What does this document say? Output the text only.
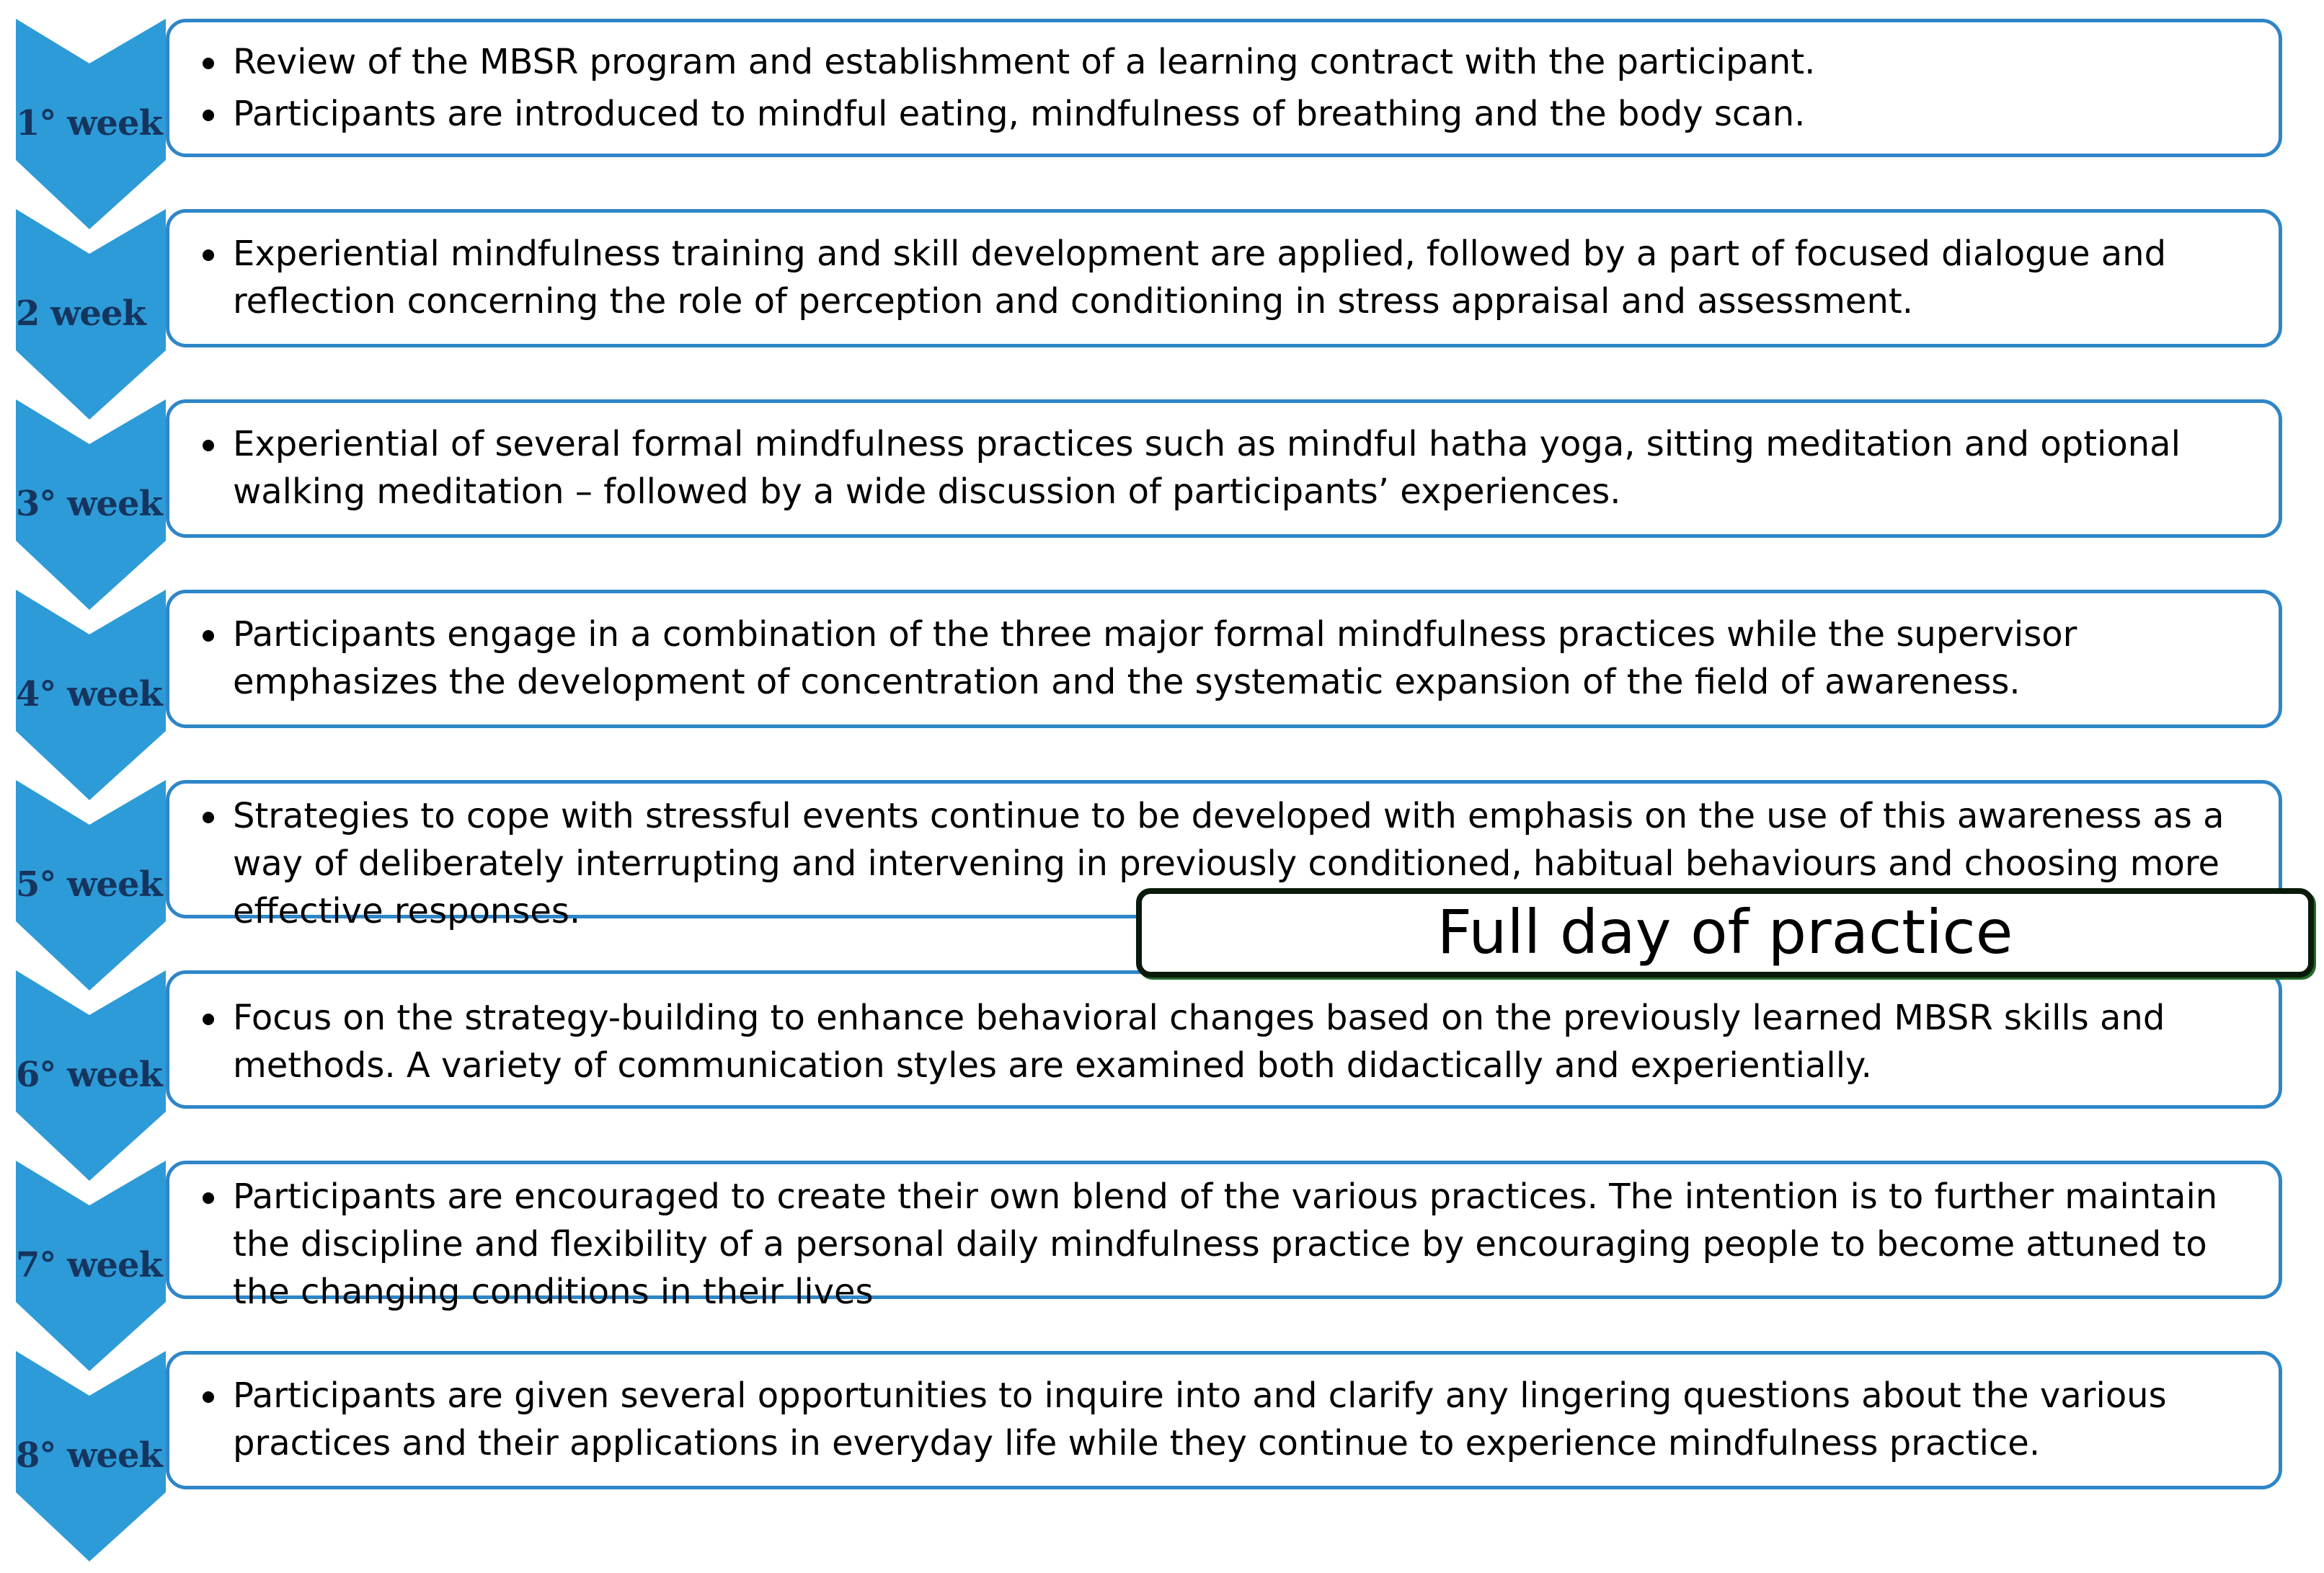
1° week
2 week
3° week
4° week
5° week
6° week
7° week
8° week
Review of the MBSR program and establishment of a learning contract with the participant.
Participants are introduced to mindful eating, mindfulness of breathing and the body scan.
Experiential mindfulness training and skill development are applied, followed by a part of focused dialogue and reflection concerning the role of perception and conditioning in stress appraisal and assessment.
Experiential of several formal mindfulness practices such as mindful hatha yoga, sitting meditation and optional walking meditation – followed by a wide discussion of participants’ experiences.
Participants engage in a combination of the three major formal mindfulness practices while the supervisor emphasizes the development of concentration and the systematic expansion of the field of awareness.
Strategies to cope with stressful events continue to be developed with emphasis on the use of this awareness as a way of deliberately interrupting and intervening in previously conditioned, habitual behaviours and choosing more effective responses.
Focus on the strategy-building to enhance behavioral changes based on the previously learned MBSR skills and methods. A variety of communication styles are examined both didactically and experientially.
Participants are encouraged to create their own blend of the various practices. The intention is to further maintain the discipline and flexibility of a personal daily mindfulness practice by encouraging people to become attuned to the changing conditions in their lives
Participants are given several opportunities to inquire into and clarify any lingering questions about the various practices and their applications in everyday life while they continue to experience mindfulness practice.
Full day of practice
